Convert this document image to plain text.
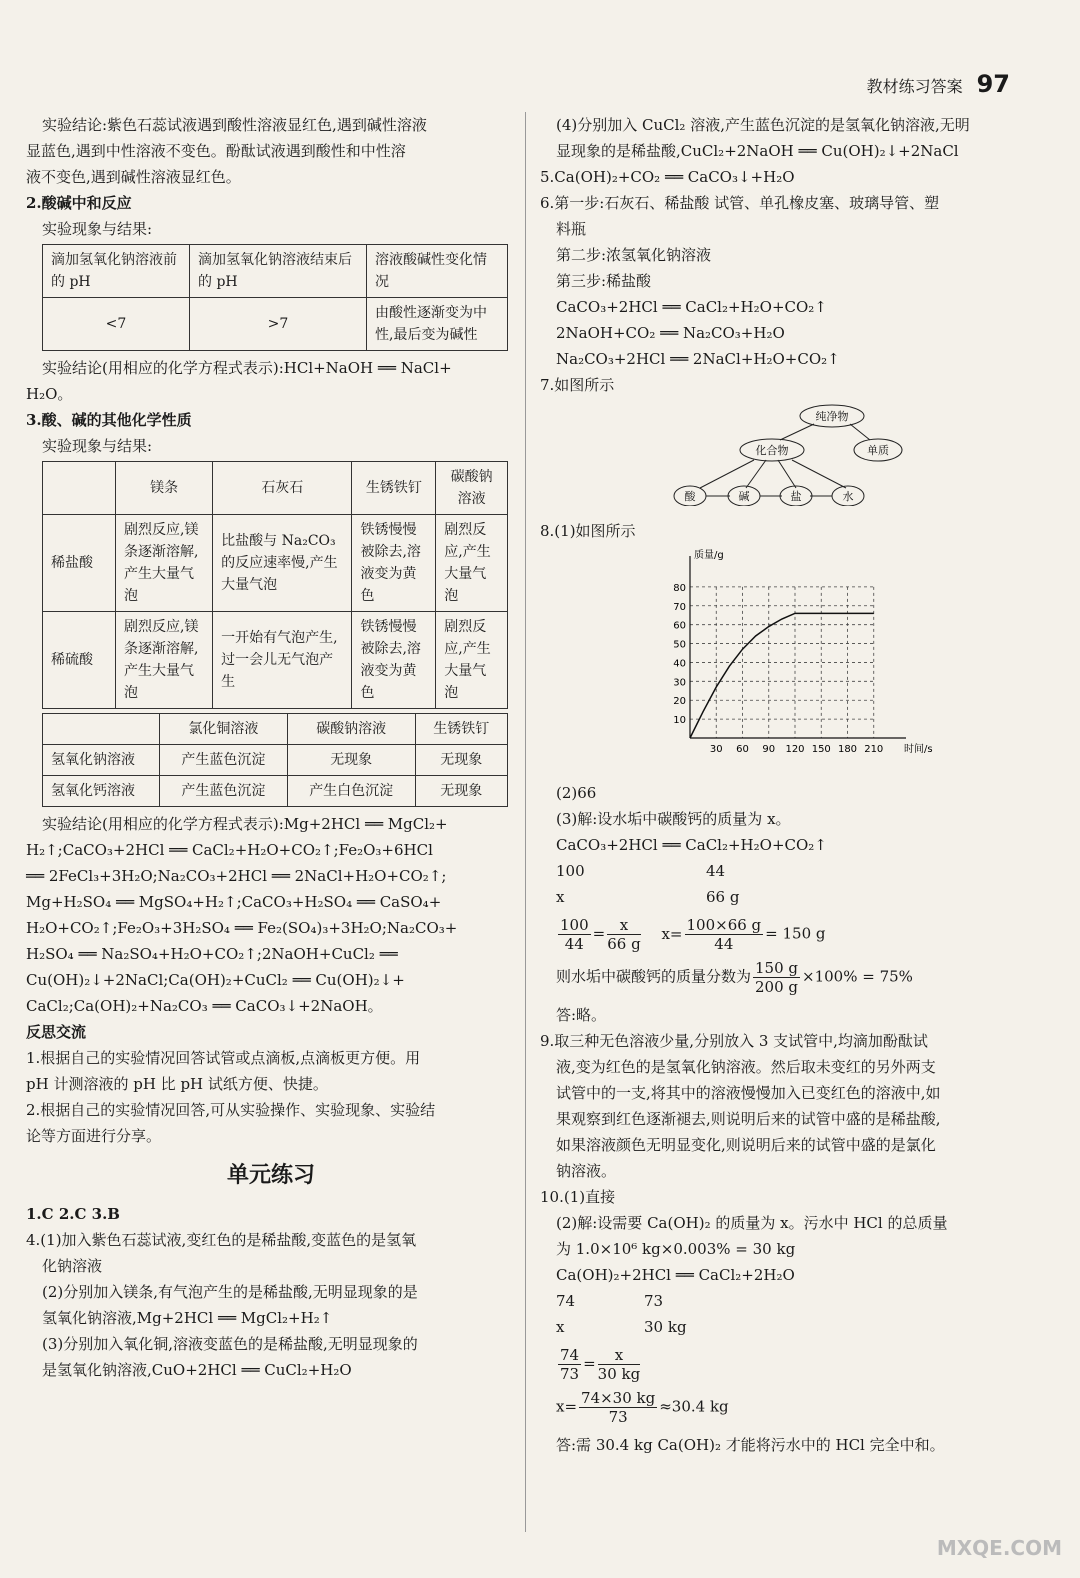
教材练习答案 97

实验结论:紫色石蕊试液遇到酸性溶液显红色,遇到碱性溶液

显蓝色,遇到中性溶液不变色。酚酞试液遇到酸性和中性溶

液不变色,遇到碱性溶液显红色。

2.酸碱中和反应

实验现象与结果:

滴加氢氧化钠溶液前的 pH	滴加氢氧化钠溶液结束后的 pH	溶液酸碱性变化情况
<7	>7	由酸性逐渐变为中性,最后变为碱性

实验结论(用相应的化学方程式表示):HCl+NaOH ══ NaCl+

H₂O。

3.酸、碱的其他化学性质

实验现象与结果:

	镁条	石灰石	生锈铁钉	碳酸钠溶液
稀盐酸	剧烈反应,镁条逐渐溶解,产生大量气泡	比盐酸与 Na₂CO₃ 的反应速率慢,产生大量气泡	铁锈慢慢被除去,溶液变为黄色	剧烈反应,产生大量气泡
稀硫酸	剧烈反应,镁条逐渐溶解,产生大量气泡	一开始有气泡产生,过一会儿无气泡产生	铁锈慢慢被除去,溶液变为黄色	剧烈反应,产生大量气泡
	氯化铜溶液	碳酸钠溶液	生锈铁钉
氢氧化钠溶液	产生蓝色沉淀	无现象	无现象
氢氧化钙溶液	产生蓝色沉淀	产生白色沉淀	无现象

实验结论(用相应的化学方程式表示):Mg+2HCl ══ MgCl₂+

H₂↑;CaCO₃+2HCl ══ CaCl₂+H₂O+CO₂↑;Fe₂O₃+6HCl

══ 2FeCl₃+3H₂O;Na₂CO₃+2HCl ══ 2NaCl+H₂O+CO₂↑;

Mg+H₂SO₄ ══ MgSO₄+H₂↑;CaCO₃+H₂SO₄ ══ CaSO₄+

H₂O+CO₂↑;Fe₂O₃+3H₂SO₄ ══ Fe₂(SO₄)₃+3H₂O;Na₂CO₃+

H₂SO₄ ══ Na₂SO₄+H₂O+CO₂↑;2NaOH+CuCl₂ ══

Cu(OH)₂↓+2NaCl;Ca(OH)₂+CuCl₂ ══ Cu(OH)₂↓+

CaCl₂;Ca(OH)₂+Na₂CO₃ ══ CaCO₃↓+2NaOH。

反思交流

1.根据自己的实验情况回答试管或点滴板,点滴板更方便。用

pH 计测溶液的 pH 比 pH 试纸方便、快捷。

2.根据自己的实验情况回答,可从实验操作、实验现象、实验结

论等方面进行分享。

单元练习

1.C 2.C 3.B

4.(1)加入紫色石蕊试液,变红色的是稀盐酸,变蓝色的是氢氧

化钠溶液

(2)分别加入镁条,有气泡产生的是稀盐酸,无明显现象的是

氢氧化钠溶液,Mg+2HCl ══ MgCl₂+H₂↑

(3)分别加入氧化铜,溶液变蓝色的是稀盐酸,无明显现象的

是氢氧化钠溶液,CuO+2HCl ══ CuCl₂+H₂O

(4)分别加入 CuCl₂ 溶液,产生蓝色沉淀的是氢氧化钠溶液,无明

显现象的是稀盐酸,CuCl₂+2NaOH ══ Cu(OH)₂↓+2NaCl

5.Ca(OH)₂+CO₂ ══ CaCO₃↓+H₂O

6.第一步:石灰石、稀盐酸 试管、单孔橡皮塞、玻璃导管、塑

料瓶

第二步:浓氢氧化钠溶液

第三步:稀盐酸

CaCO₃+2HCl ══ CaCl₂+H₂O+CO₂↑

2NaOH+CO₂ ══ Na₂CO₃+H₂O

Na₂CO₃+2HCl ══ 2NaCl+H₂O+CO₂↑

7.如图所示

纯净物
化合物	单质
酸	碱	盐	水

8.(1)如图所示

30 60 90 120 150 180 210
10
20
30
40
50
60
70
80
时间/s
质量/g

(2)66

(3)解:设水垢中碳酸钙的质量为 x。

CaCO₃+2HCl ══ CaCl₂+H₂O+CO₂↑

100	44

x	66 g

$\frac{100}{44} = \frac{x}{66 g} x= \frac{100\times 66 g}{44} = 150$ g

则水垢中碳酸钙的质量分数为 $\frac{150 g}{200 g} \times 100\% = 75\%$

答:略。

9.取三种无色溶液少量,分别放入 3 支试管中,均滴加酚酞试

液,变为红色的是氢氧化钠溶液。然后取未变红的另外两支

试管中的一支,将其中的溶液慢慢加入已变红色的溶液中,如

果观察到红色逐渐褪去,则说明后来的试管中盛的是稀盐酸,

如果溶液颜色无明显变化,则说明后来的试管中盛的是氯化

钠溶液。

10.(1)直接

(2)解:设需要 Ca(OH)₂ 的质量为 x。污水中 HCl 的总质量

为 1.0×10⁶ kg×0.003% = 30 kg

Ca(OH)₂+2HCl ══ CaCl₂+2H₂O

74	73

x	30 kg

$\frac{74}{73} = \frac{x}{30 kg}$

$x= \frac{74\times 30 kg}{73} \approx 30.4$ kg

答:需 30.4 kg Ca(OH)₂ 才能将污水中的 HCl 完全中和。

MXQE.COM
